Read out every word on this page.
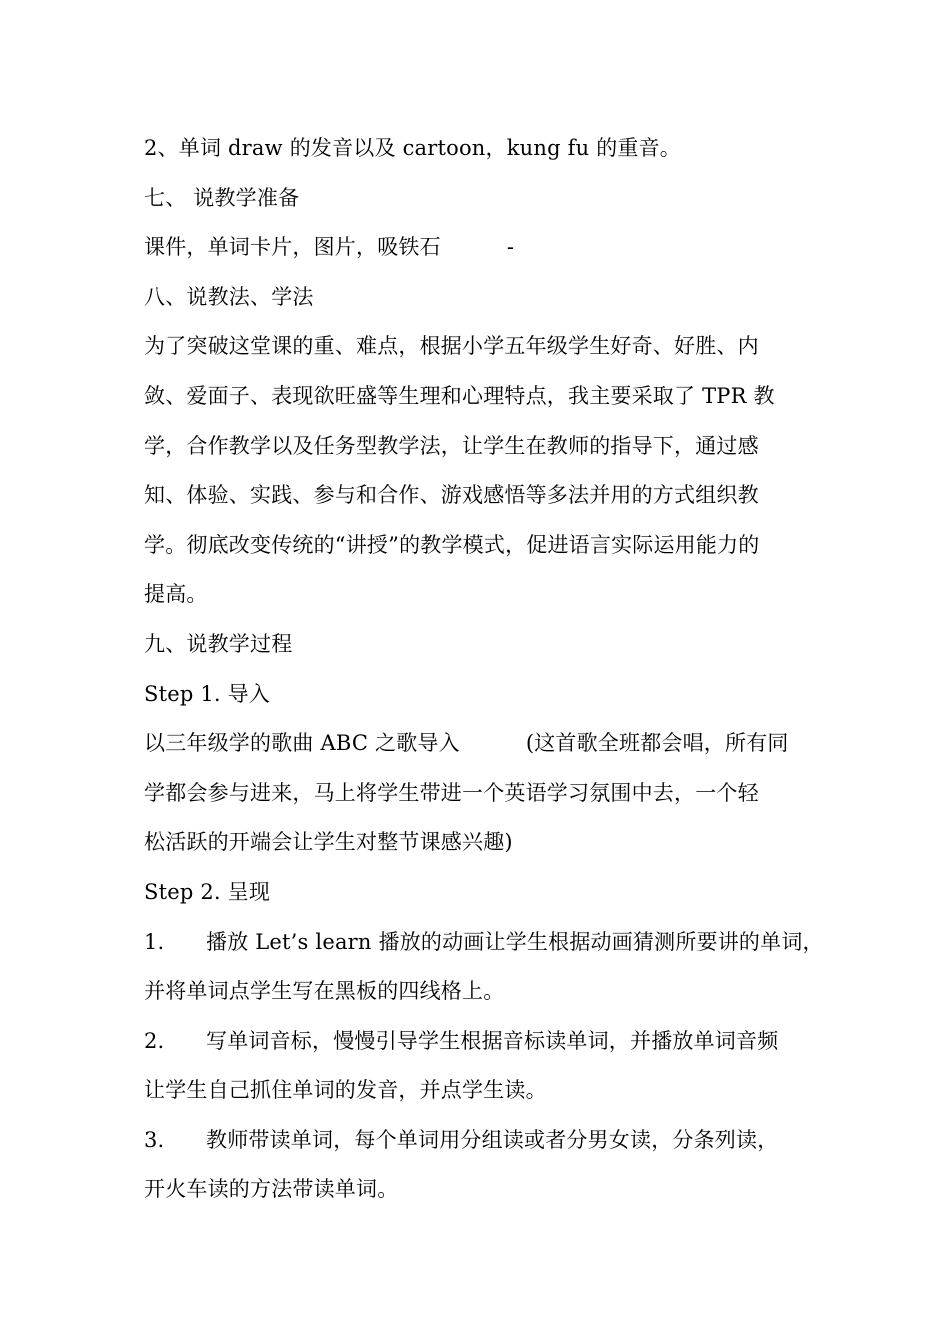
2、单词 draw 的发音以及 cartoon，kung fu 的重音。
七、 说教学准备
课件，单词卡片，图片，吸铁石	-
八、说教法、学法
为了突破这堂课的重、难点，根据小学五年级学生好奇、好胜、内
敛、爱面子、表现欲旺盛等生理和心理特点，我主要采取了 TPR 教
学，合作教学以及任务型教学法，让学生在教师的指导下，通过感
知、体验、实践、参与和合作、游戏感悟等多法并用的方式组织教
学。彻底改变传统的“讲授”的教学模式，促进语言实际运用能力的
提高。
九、说教学过程
Step 1. 导入
以三年级学的歌曲 ABC 之歌导入	(这首歌全班都会唱，所有同
学都会参与进来，马上将学生带进一个英语学习氛围中去，一个轻
松活跃的开端会让学生对整节课感兴趣)
Step 2. 呈现
1. 播放 Let’s learn 播放的动画让学生根据动画猜测所要讲的单词，
并将单词点学生写在黑板的四线格上。
2. 写单词音标，慢慢引导学生根据音标读单词，并播放单词音频
让学生自己抓住单词的发音，并点学生读。
3. 教师带读单词，每个单词用分组读或者分男女读，分条列读，
开火车读的方法带读单词。
